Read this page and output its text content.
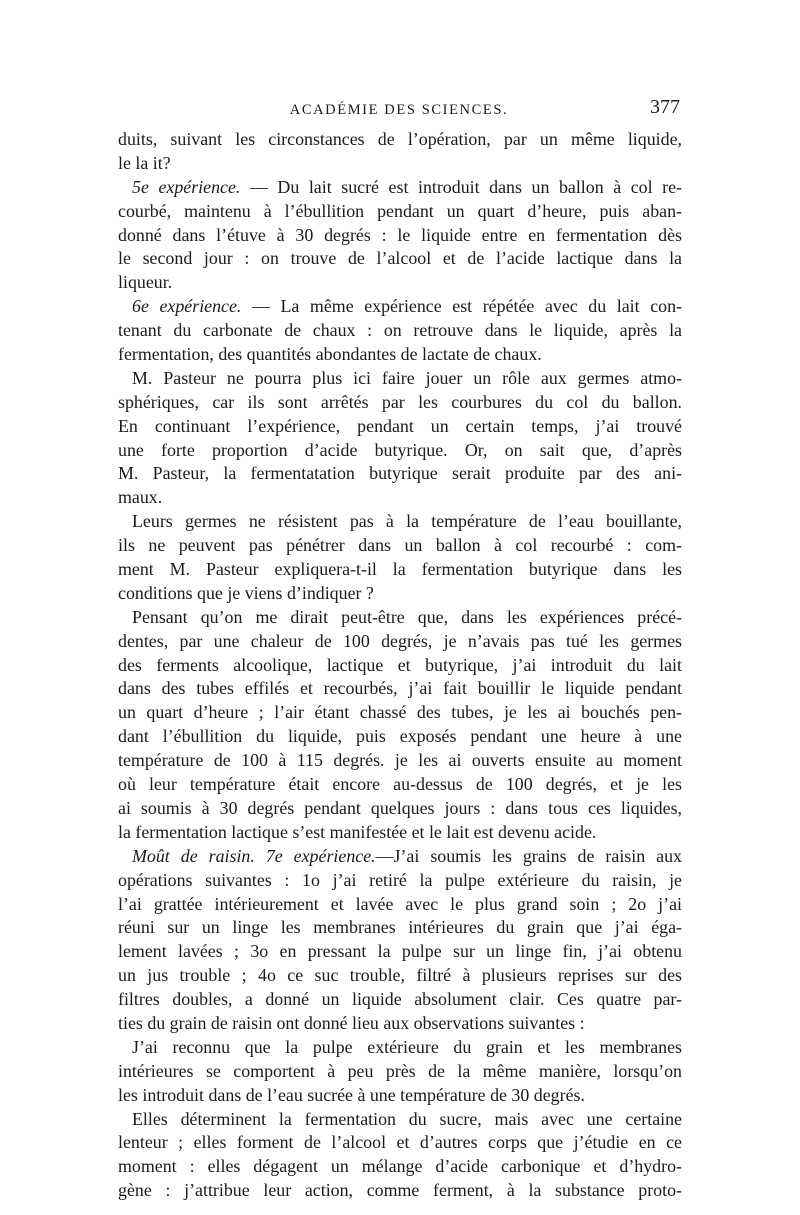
ACADÉMIE DES SCIENCES.	377
duits, suivant les circonstances de l’opération, par un même liquide,
le la it?
5e expérience. — Du lait sucré est introduit dans un ballon à col re-
courbé, maintenu à l’ébullition pendant un quart d’heure, puis aban-
donné dans l’étuve à 30 degrés : le liquide entre en fermentation dès
le second jour : on trouve de l’alcool et de l’acide lactique dans la
liqueur.
6e expérience. — La même expérience est répétée avec du lait con-
tenant du carbonate de chaux : on retrouve dans le liquide, après la
fermentation, des quantités abondantes de lactate de chaux.
M. Pasteur ne pourra plus ici faire jouer un rôle aux germes atmo-
sphériques, car ils sont arrêtés par les courbures du col du ballon.
En continuant l’expérience, pendant un certain temps, j’ai trouvé
une forte proportion d’acide butyrique. Or, on sait que, d’après
M. Pasteur, la fermentatation butyrique serait produite par des ani-
maux.
Leurs germes ne résistent pas à la température de l’eau bouillante,
ils ne peuvent pas pénétrer dans un ballon à col recourbé : com-
ment M. Pasteur expliquera-t-il la fermentation butyrique dans les
conditions que je viens d’indiquer ?
Pensant qu’on me dirait peut-être que, dans les expériences précé-
dentes, par une chaleur de 100 degrés, je n’avais pas tué les germes
des ferments alcoolique, lactique et butyrique, j’ai introduit du lait
dans des tubes effilés et recourbés, j’ai fait bouillir le liquide pendant
un quart d’heure ; l’air étant chassé des tubes, je les ai bouchés pen-
dant l’ébullition du liquide, puis exposés pendant une heure à une
température de 100 à 115 degrés. je les ai ouverts ensuite au moment
où leur température était encore au-dessus de 100 degrés, et je les
ai soumis à 30 degrés pendant quelques jours : dans tous ces liquides,
la fermentation lactique s’est manifestée et le lait est devenu acide.
Moût de raisin. 7e expérience.—J’ai soumis les grains de raisin aux
opérations suivantes : 1o j’ai retiré la pulpe extérieure du raisin, je
l’ai grattée intérieurement et lavée avec le plus grand soin ; 2o j’ai
réuni sur un linge les membranes intérieures du grain que j’ai éga-
lement lavées ; 3o en pressant la pulpe sur un linge fin, j’ai obtenu
un jus trouble ; 4o ce suc trouble, filtré à plusieurs reprises sur des
filtres doubles, a donné un liquide absolument clair. Ces quatre par-
ties du grain de raisin ont donné lieu aux observations suivantes :
J’ai reconnu que la pulpe extérieure du grain et les membranes
intérieures se comportent à peu près de la même manière, lorsqu’on
les introduit dans de l’eau sucrée à une température de 30 degrés.
Elles déterminent la fermentation du sucre, mais avec une certaine
lenteur ; elles forment de l’alcool et d’autres corps que j’étudie en ce
moment : elles dégagent un mélange d’acide carbonique et d’hydro-
gène : j’attribue leur action, comme ferment, à la substance proto-
